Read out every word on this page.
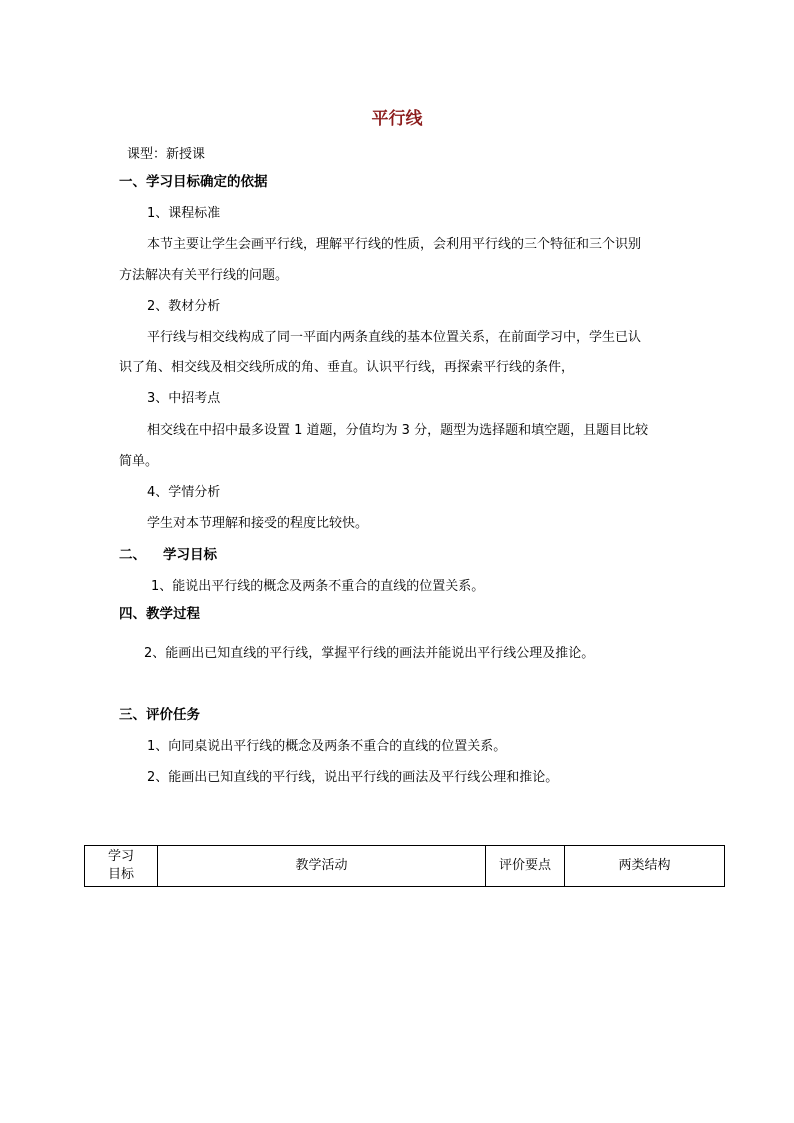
平行线
课型：新授课
一、学习目标确定的依据
1、课程标准
本节主要让学生会画平行线，理解平行线的性质，会利用平行线的三个特征和三个识别
方法解决有关平行线的问题。
2、教材分析
平行线与相交线构成了同一平面内两条直线的基本位置关系，在前面学习中，学生已认
识了角、相交线及相交线所成的角、垂直。认识平行线，再探索平行线的条件，
3、中招考点
相交线在中招中最多设置 1 道题，分值均为 3 分，题型为选择题和填空题，且题目比较
简单。
4、学情分析
学生对本节理解和接受的程度比较快。
二、 学习目标
1、能说出平行线的概念及两条不重合的直线的位置关系。
四、教学过程
2、能画出已知直线的平行线，掌握平行线的画法并能说出平行线公理及推论。
三、评价任务
1、向同桌说出平行线的概念及两条不重合的直线的位置关系。
2、能画出已知直线的平行线，说出平行线的画法及平行线公理和推论。
学习
目标	教学活动	评价要点	两类结构
